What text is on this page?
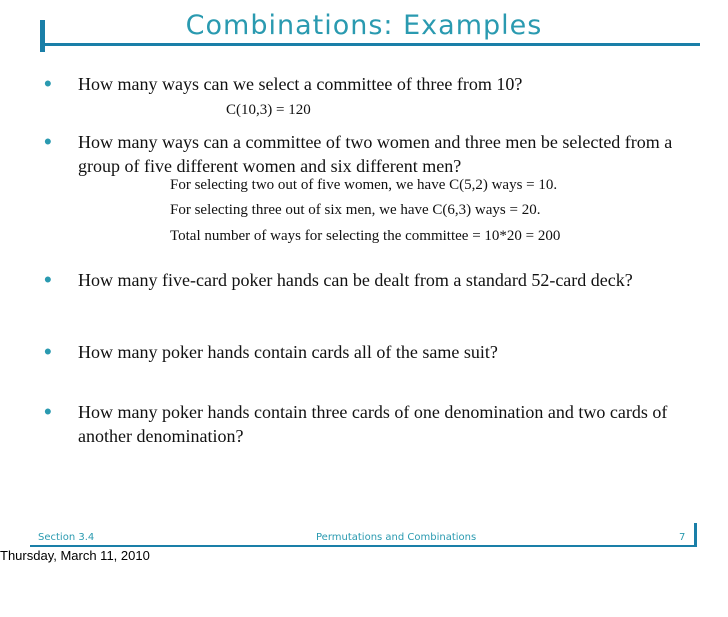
Combinations: Examples
• How many ways can we select a committee of three from 10?
C(10,3) = 120
• How many ways can a committee of two women and three men be selected from a group of five different women and six different men?
For selecting two out of five women, we have C(5,2) ways = 10.
For selecting three out of six men, we have C(6,3) ways = 20.
Total number of ways for selecting the committee = 10*20 = 200
• How many five-card poker hands can be dealt from a standard 52-card deck?
• How many poker hands contain cards all of the same suit?
• How many poker hands contain three cards of one denomination and two cards of another denomination?
Section 3.4	Permutations and Combinations	7
Thursday, March 11, 2010
